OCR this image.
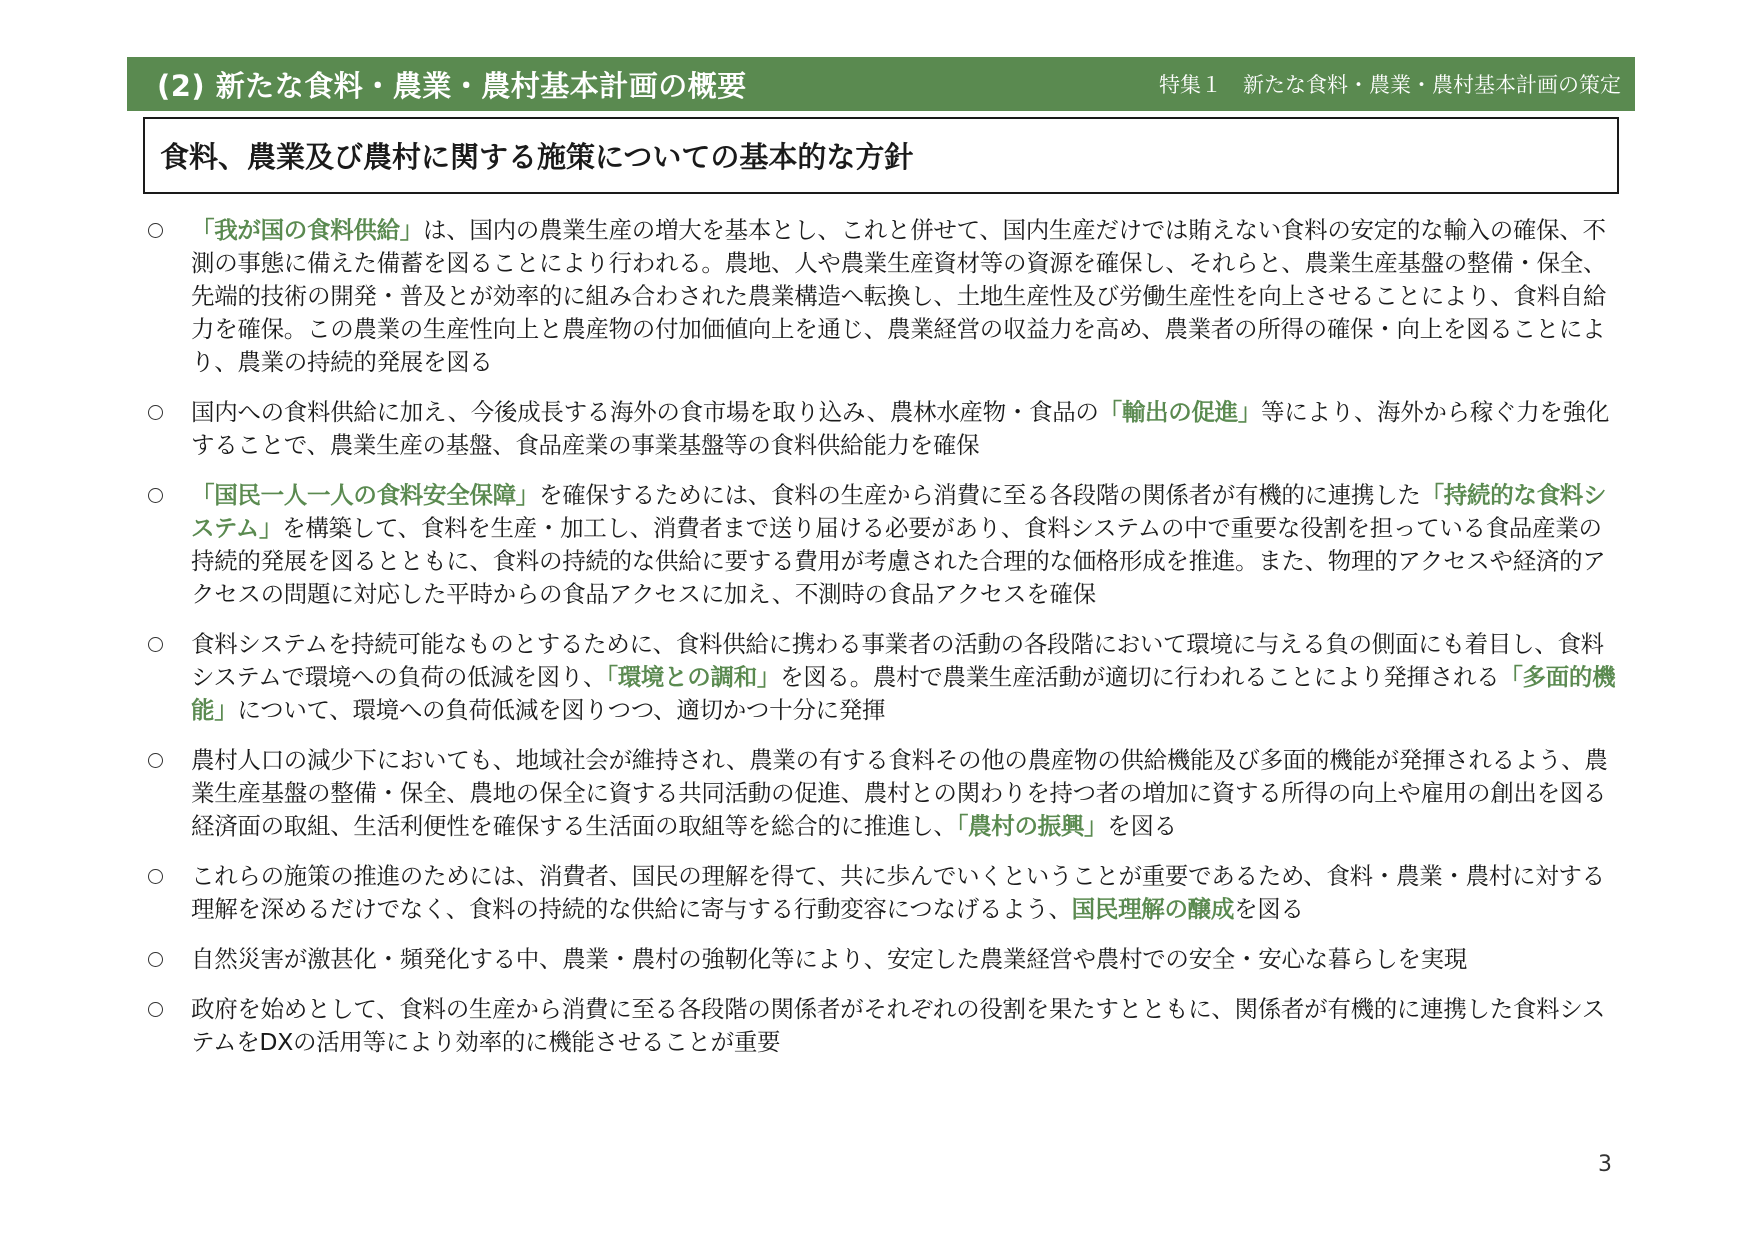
(2) 新たな食料・農業・農村基本計画の概要	特集１　新たな食料・農業・農村基本計画の策定
食料、農業及び農村に関する施策についての基本的な方針
「我が国の食料供給」は、国内の農業生産の増大を基本とし、これと併せて、国内生産だけでは賄えない食料の安定的な輸入の確保、不測の事態に備えた備蓄を図ることにより行われる。農地、人や農業生産資材等の資源を確保し、それらと、農業生産基盤の整備・保全、先端的技術の開発・普及とが効率的に組み合わされた農業構造へ転換し、土地生産性及び労働生産性を向上させることにより、食料自給力を確保。この農業の生産性向上と農産物の付加価値向上を通じ、農業経営の収益力を高め、農業者の所得の確保・向上を図ることにより、農業の持続的発展を図る
国内への食料供給に加え、今後成長する海外の食市場を取り込み、農林水産物・食品の「輸出の促進」等により、海外から稼ぐ力を強化することで、農業生産の基盤、食品産業の事業基盤等の食料供給能力を確保
「国民一人一人の食料安全保障」を確保するためには、食料の生産から消費に至る各段階の関係者が有機的に連携した「持続的な食料システム」を構築して、食料を生産・加工し、消費者まで送り届ける必要があり、食料システムの中で重要な役割を担っている食品産業の持続的発展を図るとともに、食料の持続的な供給に要する費用が考慮された合理的な価格形成を推進。また、物理的アクセスや経済的アクセスの問題に対応した平時からの食品アクセスに加え、不測時の食品アクセスを確保
食料システムを持続可能なものとするために、食料供給に携わる事業者の活動の各段階において環境に与える負の側面にも着目し、食料システムで環境への負荷の低減を図り、「環境との調和」を図る。農村で農業生産活動が適切に行われることにより発揮される「多面的機能」について、環境への負荷低減を図りつつ、適切かつ十分に発揮
農村人口の減少下においても、地域社会が維持され、農業の有する食料その他の農産物の供給機能及び多面的機能が発揮されるよう、農業生産基盤の整備・保全、農地の保全に資する共同活動の促進、農村との関わりを持つ者の増加に資する所得の向上や雇用の創出を図る経済面の取組、生活利便性を確保する生活面の取組等を総合的に推進し、「農村の振興」を図る
これらの施策の推進のためには、消費者、国民の理解を得て、共に歩んでいくということが重要であるため、食料・農業・農村に対する理解を深めるだけでなく、食料の持続的な供給に寄与する行動変容につなげるよう、国民理解の醸成を図る
自然災害が激甚化・頻発化する中、農業・農村の強靭化等により、安定した農業経営や農村での安全・安心な暮らしを実現
政府を始めとして、食料の生産から消費に至る各段階の関係者がそれぞれの役割を果たすとともに、関係者が有機的に連携した食料システムをDXの活用等により効率的に機能させることが重要
3
